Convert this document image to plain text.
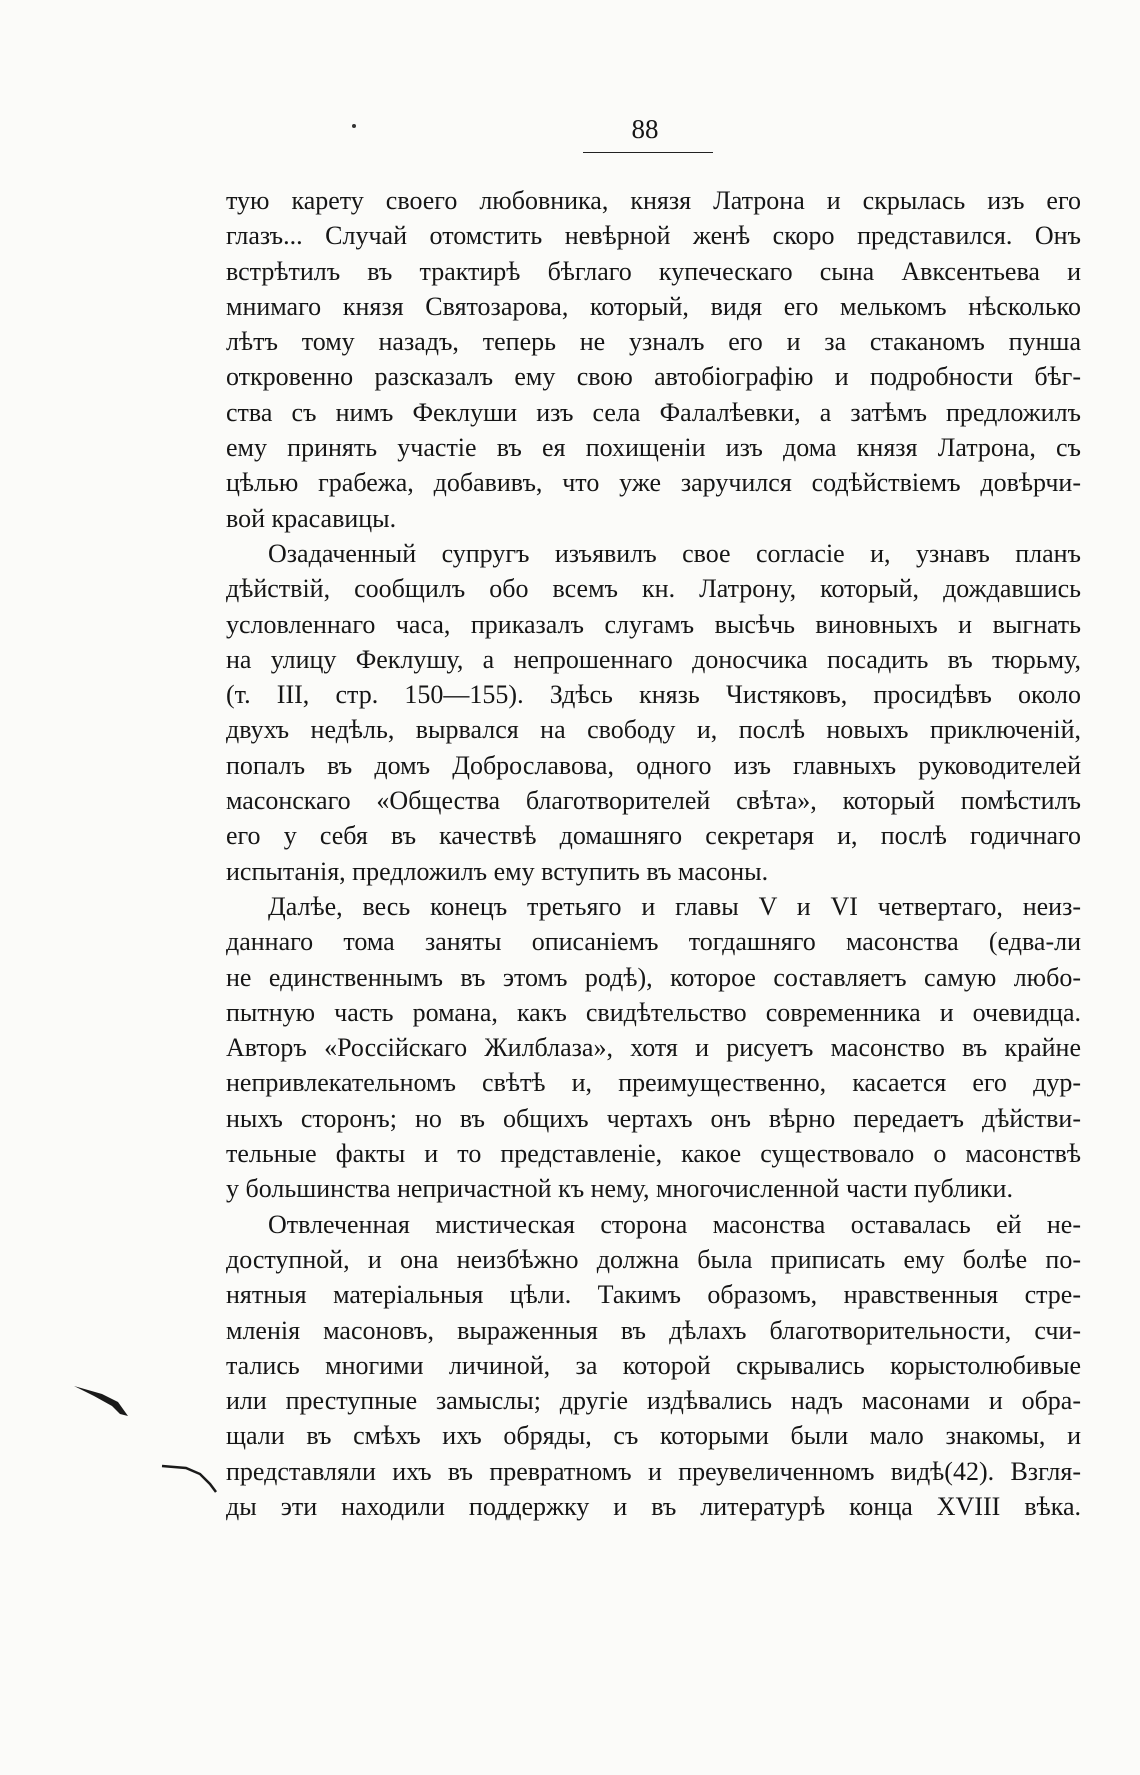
88
тую карету своего любовника, князя Латрона и скрылась изъ его
глазъ... Случай отомстить невѣрной женѣ скоро представился. Онъ
встрѣтилъ въ трактирѣ бѣглаго купеческаго сына Авксентьева и
мнимаго князя Святозарова, который, видя его мелькомъ нѣсколько
лѣтъ тому назадъ, теперь не узналъ его и за стаканомъ пунша
откровенно разсказалъ ему свою автобіографію и подробности бѣг-
ства съ нимъ Феклуши изъ села Фалалѣевки, а затѣмъ предложилъ
ему принять участіе въ ея похищеніи изъ дома князя Латрона, съ
цѣлью грабежа, добавивъ, что уже заручился содѣйствіемъ довѣрчи-
вой красавицы.
Озадаченный супругъ изъявилъ свое согласіе и, узнавъ планъ
дѣйствій, сообщилъ обо всемъ кн. Латрону, который, дождавшись
условленнаго часа, приказалъ слугамъ высѣчь виновныхъ и выгнать
на улицу Феклушу, а непрошеннаго доносчика посадить въ тюрьму,
(т. III, стр. 150—155). Здѣсь князь Чистяковъ, просидѣвъ около
двухъ недѣль, вырвался на свободу и, послѣ новыхъ приключеній,
попалъ въ домъ Доброславова, одного изъ главныхъ руководителей
масонскаго «Общества благотворителей свѣта», который помѣстилъ
его у себя въ качествѣ домашняго секретаря и, послѣ годичнаго
испытанія, предложилъ ему вступить въ масоны.
Далѣе, весь конецъ третьяго и главы V и VI четвертаго, неиз-
даннаго тома заняты описаніемъ тогдашняго масонства (едва-ли
не единственнымъ въ этомъ родѣ), которое составляетъ самую любо-
пытную часть романа, какъ свидѣтельство современника и очевидца.
Авторъ «Россійскаго Жилблаза», хотя и рисуетъ масонство въ крайне
непривлекательномъ свѣтѣ и, преимущественно, касается его дур-
ныхъ сторонъ; но въ общихъ чертахъ онъ вѣрно передаетъ дѣйстви-
тельные факты и то представленіе, какое существовало о масонствѣ
у большинства непричастной къ нему, многочисленной части публики.
Отвлеченная мистическая сторона масонства оставалась ей не-
доступной, и она неизбѣжно должна была приписать ему болѣе по-
нятныя матеріальныя цѣли. Такимъ образомъ, нравственныя стре-
мленія масоновъ, выраженныя въ дѣлахъ благотворительности, счи-
тались многими личиной, за которой скрывались корыстолюбивые
или преступные замыслы; другіе издѣвались надъ масонами и обра-
щали въ смѣхъ ихъ обряды, съ которыми были мало знакомы, и
представляли ихъ въ превратномъ и преувеличенномъ видѣ(42). Взгля-
ды эти находили поддержку и въ литературѣ конца XVIII вѣка.
